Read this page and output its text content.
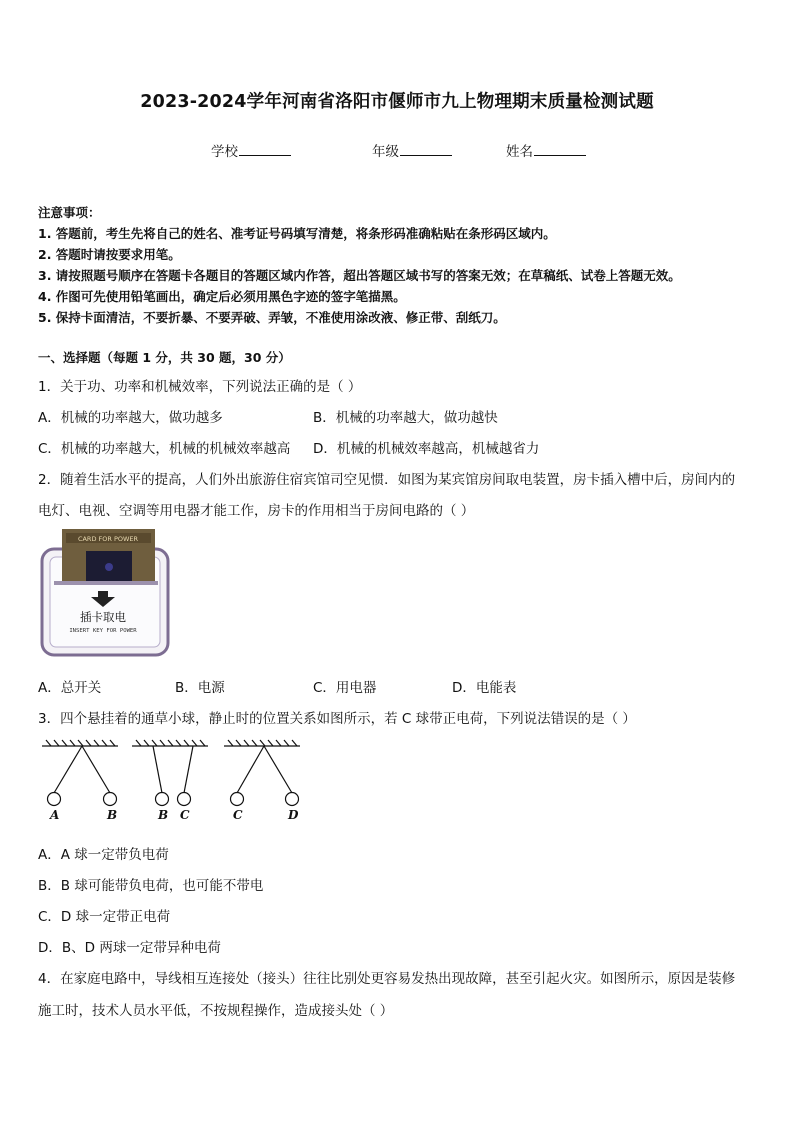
2023-2024学年河南省洛阳市偃师市九上物理期末质量检测试题
学校	年级	姓名
注意事项：
1. 答题前，考生先将自己的姓名、准考证号码填写清楚，将条形码准确粘贴在条形码区域内。
2. 答题时请按要求用笔。
3. 请按照题号顺序在答题卡各题目的答题区域内作答，超出答题区域书写的答案无效；在草稿纸、试卷上答题无效。
4. 作图可先使用铅笔画出，确定后必须用黑色字迹的签字笔描黑。
5. 保持卡面清洁，不要折暴、不要弄破、弄皱，不准使用涂改液、修正带、刮纸刀。
一、选择题（每题 1 分，共 30 题，30 分）
1．关于功、功率和机械效率，下列说法正确的是（ ）
A．机械的功率越大，做功越多	B．机械的功率越大，做功越快
C．机械的功率越大，机械的机械效率越高 D．机械的机械效率越高，机械越省力
2．随着生活水平的提高，人们外出旅游住宿宾馆司空见惯．如图为某宾馆房间取电装置，房卡插入槽中后，房间内的
电灯、电视、空调等用电器才能工作，房卡的作用相当于房间电路的（ ）
CARD FOR POWER
插卡取电
INSERT KEY FOR POWER
A．总开关	B．电源	C．用电器	D．电能表
3．四个悬挂着的通草小球，静止时的位置关系如图所示，若 C 球带正电荷，下列说法错误的是（ ）
A	B	B C	C	D
A．A 球一定带负电荷
B．B 球可能带负电荷，也可能不带电
C．D 球一定带正电荷
D．B、D 两球一定带异种电荷
4．在家庭电路中，导线相互连接处（接头）往往比别处更容易发热出现故障，甚至引起火灾。如图所示，原因是装修
施工时，技术人员水平低，不按规程操作，造成接头处（ ）
